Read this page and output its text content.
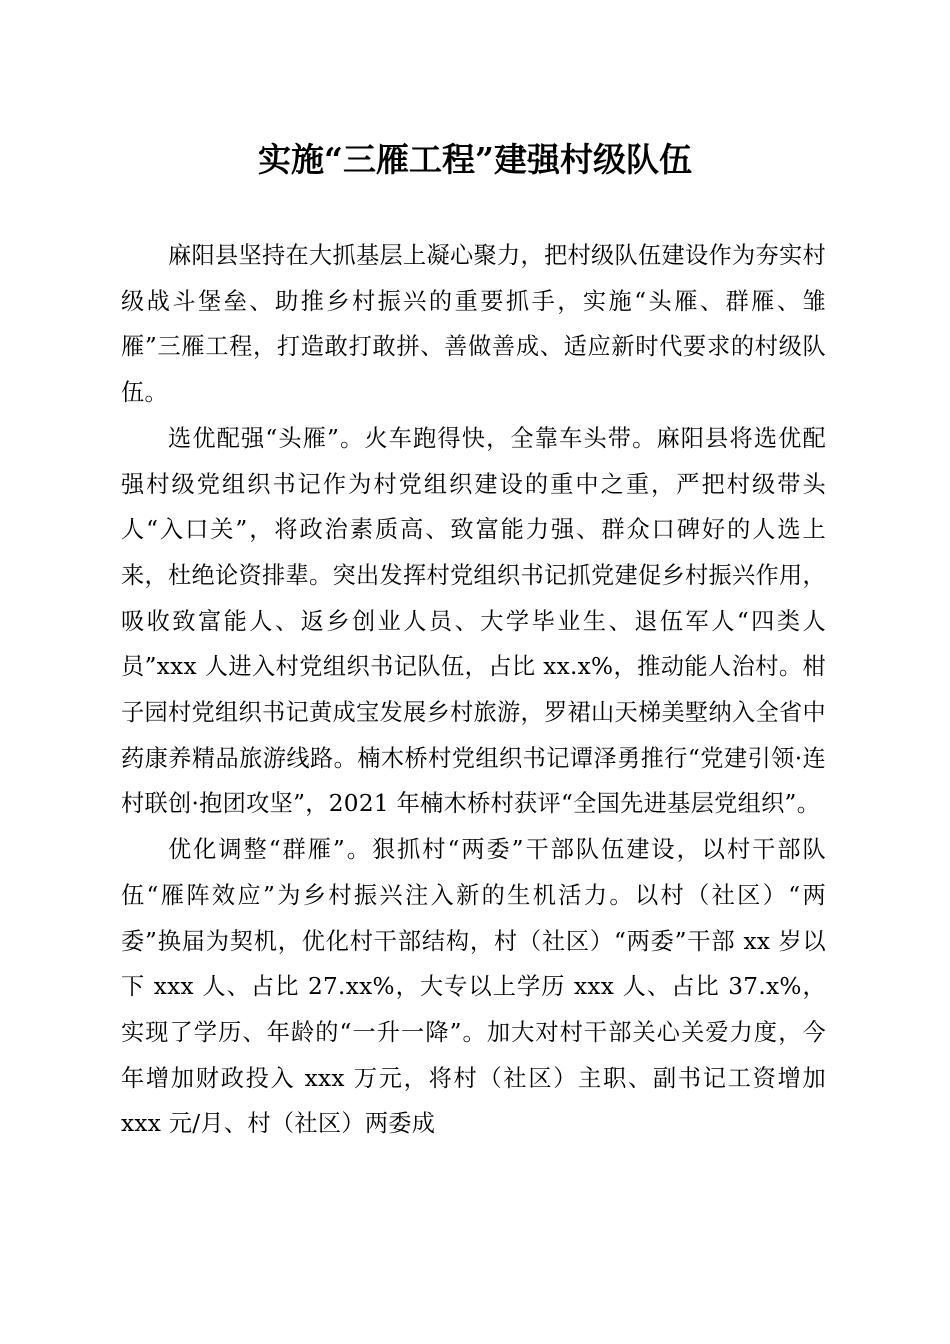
实施“三雁工程”建强村级队伍

麻阳县坚持在大抓基层上凝心聚力，把村级队伍建设作为夯实村级战斗堡垒、助推乡村振兴的重要抓手，实施“头雁、群雁、雏雁”三雁工程，打造敢打敢拼、善做善成、适应新时代要求的村级队伍。

选优配强“头雁”。火车跑得快，全靠车头带。麻阳县将选优配强村级党组织书记作为村党组织建设的重中之重，严把村级带头人“入口关”，将政治素质高、致富能力强、群众口碑好的人选上来，杜绝论资排辈。突出发挥村党组织书记抓党建促乡村振兴作用，吸收致富能人、返乡创业人员、大学毕业生、退伍军人“四类人员”xxx 人进入村党组织书记队伍，占比 xx.x%，推动能人治村。柑子园村党组织书记黄成宝发展乡村旅游，罗裙山天梯美墅纳入全省中药康养精品旅游线路。楠木桥村党组织书记谭泽勇推行“党建引领·连村联创·抱团攻坚”，2021 年楠木桥村获评“全国先进基层党组织”。

优化调整“群雁”。狠抓村“两委”干部队伍建设，以村干部队伍“雁阵效应”为乡村振兴注入新的生机活力。以村（社区）“两委”换届为契机，优化村干部结构，村（社区）“两委”干部 xx 岁以下 xxx 人、占比 27.xx%，大专以上学历 xxx 人、占比 37.x%，实现了学历、年龄的“一升一降”。加大对村干部关心关爱力度，今年增加财政投入 xxx 万元，将村（社区）主职、副书记工资增加 xxx 元/月、村（社区）两委成
